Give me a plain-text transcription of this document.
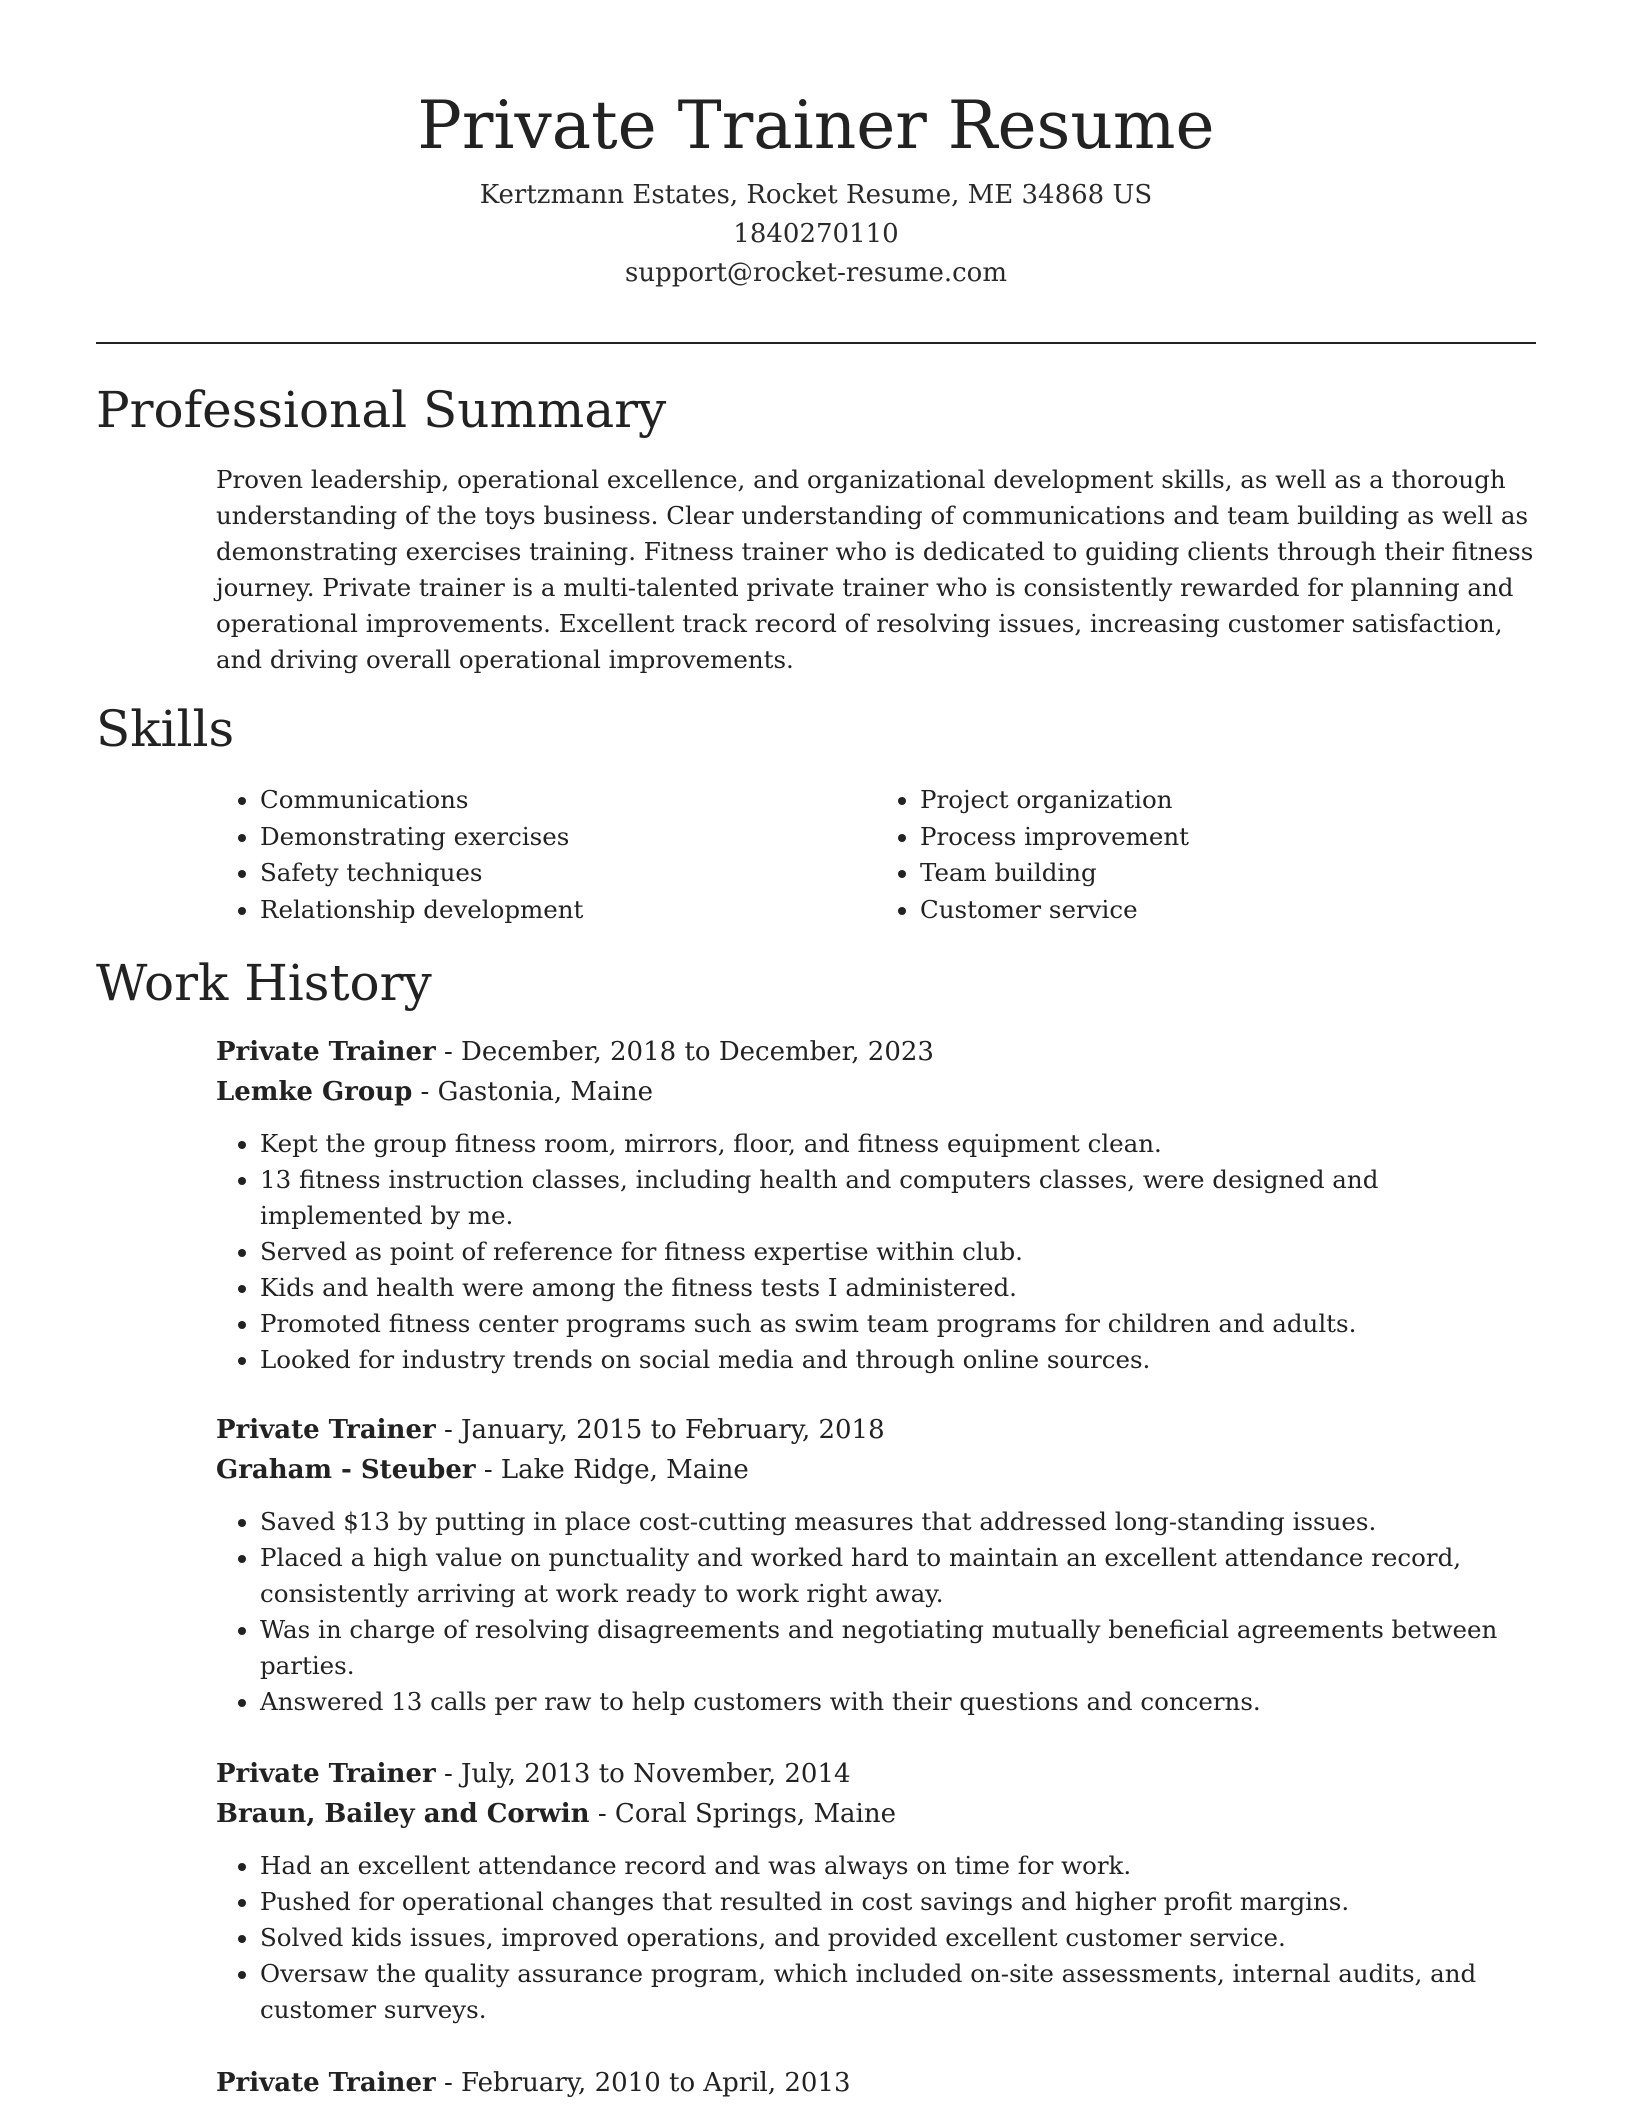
Private Trainer Resume
Kertzmann Estates, Rocket Resume, ME 34868 US
1840270110
support@rocket-resume.com
Professional Summary

Proven leadership, operational excellence, and organizational development skills, as well as a thorough understanding of the toys business. Clear understanding of communications and team building as well as demonstrating exercises training. Fitness trainer who is dedicated to guiding clients through their fitness journey. Private trainer is a multi-talented private trainer who is consistently rewarded for planning and operational improvements. Excellent track record of resolving issues, increasing customer satisfaction, and driving overall operational improvements.

Skills
• Communications
• Demonstrating exercises
• Safety techniques
• Relationship development
• Project organization
• Process improvement
• Team building
• Customer service
Work History
Private Trainer - December, 2018 to December, 2023
Lemke Group - Gastonia, Maine
• Kept the group fitness room, mirrors, floor, and fitness equipment clean.
• 13 fitness instruction classes, including health and computers classes, were designed and implemented by me.
• Served as point of reference for fitness expertise within club.
• Kids and health were among the fitness tests I administered.
• Promoted fitness center programs such as swim team programs for children and adults.
• Looked for industry trends on social media and through online sources.
Private Trainer - January, 2015 to February, 2018
Graham - Steuber - Lake Ridge, Maine
• Saved $13 by putting in place cost-cutting measures that addressed long-standing issues.
• Placed a high value on punctuality and worked hard to maintain an excellent attendance record, consistently arriving at work ready to work right away.
• Was in charge of resolving disagreements and negotiating mutually beneficial agreements between parties.
• Answered 13 calls per raw to help customers with their questions and concerns.
Private Trainer - July, 2013 to November, 2014
Braun, Bailey and Corwin - Coral Springs, Maine
• Had an excellent attendance record and was always on time for work.
• Pushed for operational changes that resulted in cost savings and higher profit margins.
• Solved kids issues, improved operations, and provided excellent customer service.
• Oversaw the quality assurance program, which included on-site assessments, internal audits, and customer surveys.
Private Trainer - February, 2010 to April, 2013
